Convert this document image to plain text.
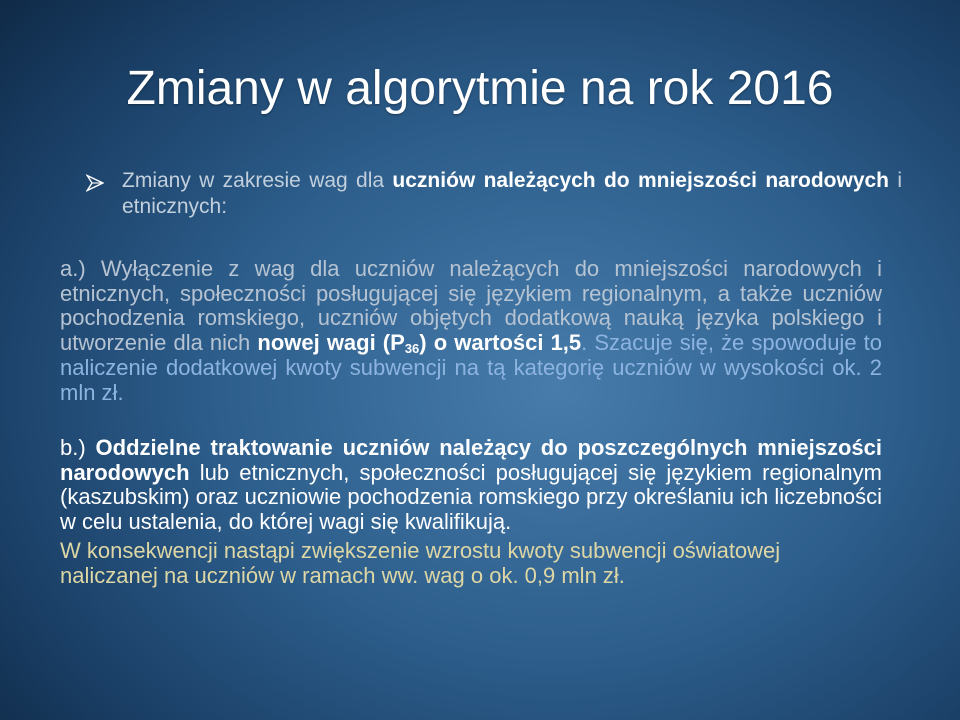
Zmiany w algorytmie na rok 2016

Zmiany w zakresie wag dla uczniów należących do mniejszości narodowych i etnicznych:

a.) Wyłączenie z wag dla uczniów należących do mniejszości narodowych i etnicznych, społeczności posługującej się językiem regionalnym, a także uczniów pochodzenia romskiego, uczniów objętych dodatkową nauką języka polskiego i utworzenie dla nich nowej wagi $(P_{36})$ o wartości 1,5. Szacuje się, że spowoduje to naliczenie dodatkowej kwoty subwencji na tą kategorię uczniów w wysokości ok. 2 mln zł.

b.) Oddzielne traktowanie uczniów należący do poszczególnych mniejszości narodowych lub etnicznych, społeczności posługującej się językiem regionalnym (kaszubskim) oraz uczniowie pochodzenia romskiego przy określaniu ich liczebności w celu ustalenia, do której wagi się kwalifikują.

W konsekwencji nastąpi zwiększenie wzrostu kwoty subwencji oświatowej naliczanej na uczniów w ramach ww. wag o ok. 0,9 mln zł.
